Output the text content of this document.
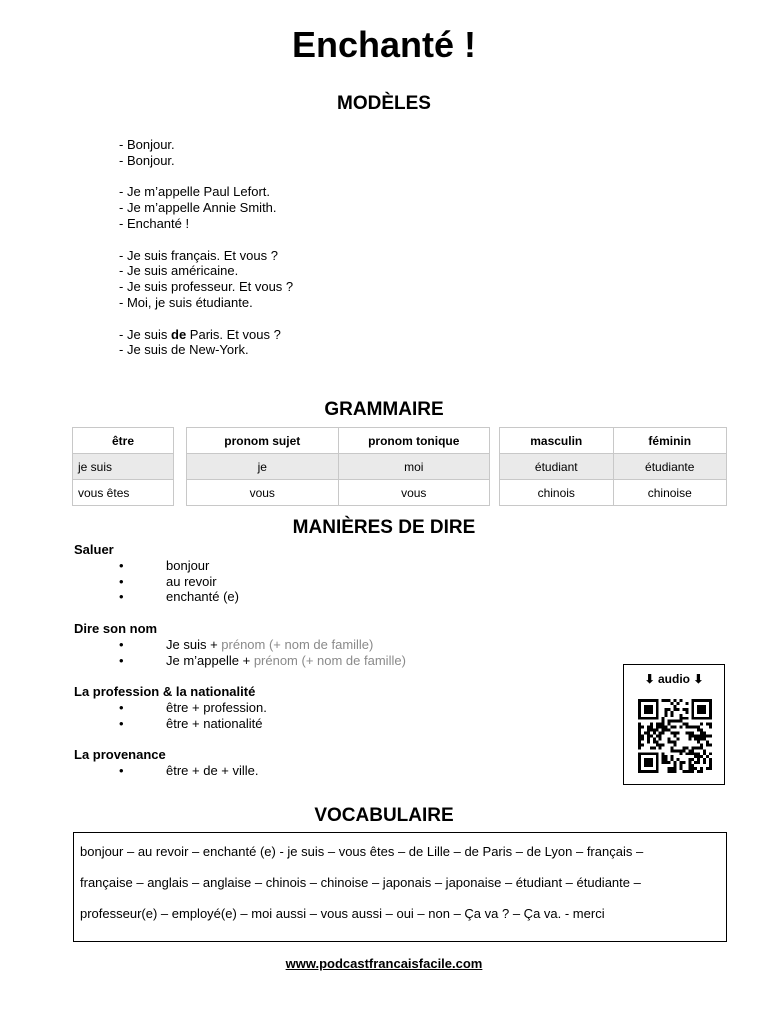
Enchanté !
MODÈLES
- Bonjour.
- Bonjour.
- Je m’appelle Paul Lefort.
- Je m’appelle Annie Smith.
- Enchanté !
- Je suis français. Et vous ?
- Je suis américaine.
- Je suis professeur. Et vous ?
- Moi, je suis étudiante.
- Je suis de Paris. Et vous ?
- Je suis de New-York.
GRAMMAIRE
être
je suis
vous êtes
pronom sujet	pronom tonique
je	moi
vous	vous
masculin	féminin
étudiant	étudiante
chinois	chinoise
MANIÈRES DE DIRE
Saluer
•	bonjour
•	au revoir
•	enchanté (e)
Dire son nom
•	Je suis + prénom (+ nom de famille)
•	Je m’appelle + prénom (+ nom de famille)
La profession & la nationalité
•	être + profession.
•	être + nationalité
La provenance
•	être + de + ville.
⬇ audio ⬇
VOCABULAIRE
bonjour – au revoir – enchanté (e) - je suis – vous êtes – de Lille – de Paris – de Lyon – français –
française – anglais – anglaise – chinois – chinoise – japonais – japonaise – étudiant – étudiante –
professeur(e) – employé(e) – moi aussi – vous aussi – oui – non – Ça va ? – Ça va. - merci
www.podcastfrancaisfacile.com
